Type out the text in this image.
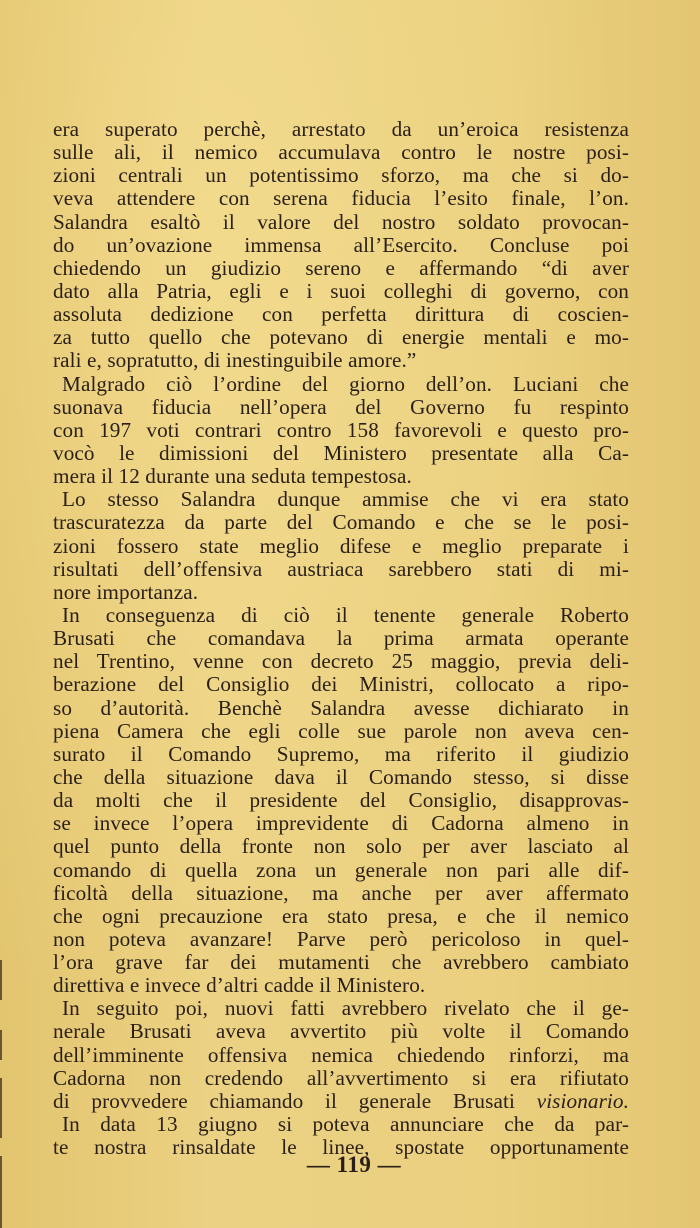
era superato perchè, arrestato da un’eroica resistenza
sulle ali, il nemico accumulava contro le nostre posi-
zioni centrali un potentissimo sforzo, ma che si do-
veva attendere con serena fiducia l’esito finale, l’on.
Salandra esaltò il valore del nostro soldato provocan-
do un’ovazione immensa all’Esercito. Concluse poi
chiedendo un giudizio sereno e affermando “di aver
dato alla Patria, egli e i suoi colleghi di governo, con
assoluta dedizione con perfetta dirittura di coscien-
za tutto quello che potevano di energie mentali e mo-
rali e, sopratutto, di inestinguibile amore.”
Malgrado ciò l’ordine del giorno dell’on. Luciani che
suonava fiducia nell’opera del Governo fu respinto
con 197 voti contrari contro 158 favorevoli e questo pro-
vocò le dimissioni del Ministero presentate alla Ca-
mera il 12 durante una seduta tempestosa.
Lo stesso Salandra dunque ammise che vi era stato
trascuratezza da parte del Comando e che se le posi-
zioni fossero state meglio difese e meglio preparate i
risultati dell’offensiva austriaca sarebbero stati di mi-
nore importanza.
In conseguenza di ciò il tenente generale Roberto
Brusati che comandava la prima armata operante
nel Trentino, venne con decreto 25 maggio, previa deli-
berazione del Consiglio dei Ministri, collocato a ripo-
so d’autorità. Benchè Salandra avesse dichiarato in
piena Camera che egli colle sue parole non aveva cen-
surato il Comando Supremo, ma riferito il giudizio
che della situazione dava il Comando stesso, si disse
da molti che il presidente del Consiglio, disapprovas-
se invece l’opera imprevidente di Cadorna almeno in
quel punto della fronte non solo per aver lasciato al
comando di quella zona un generale non pari alle dif-
ficoltà della situazione, ma anche per aver affermato
che ogni precauzione era stato presa, e che il nemico
non poteva avanzare! Parve però pericoloso in quel-
l’ora grave far dei mutamenti che avrebbero cambiato
direttiva e invece d’altri cadde il Ministero.
In seguito poi, nuovi fatti avrebbero rivelato che il ge-
nerale Brusati aveva avvertito più volte il Comando
dell’imminente offensiva nemica chiedendo rinforzi, ma
Cadorna non credendo all’avvertimento si era rifiutato
di provvedere chiamando il generale Brusati visionario.
In data 13 giugno si poteva annunciare che da par-
te nostra rinsaldate le linee, spostate opportunamente
— 119 —
